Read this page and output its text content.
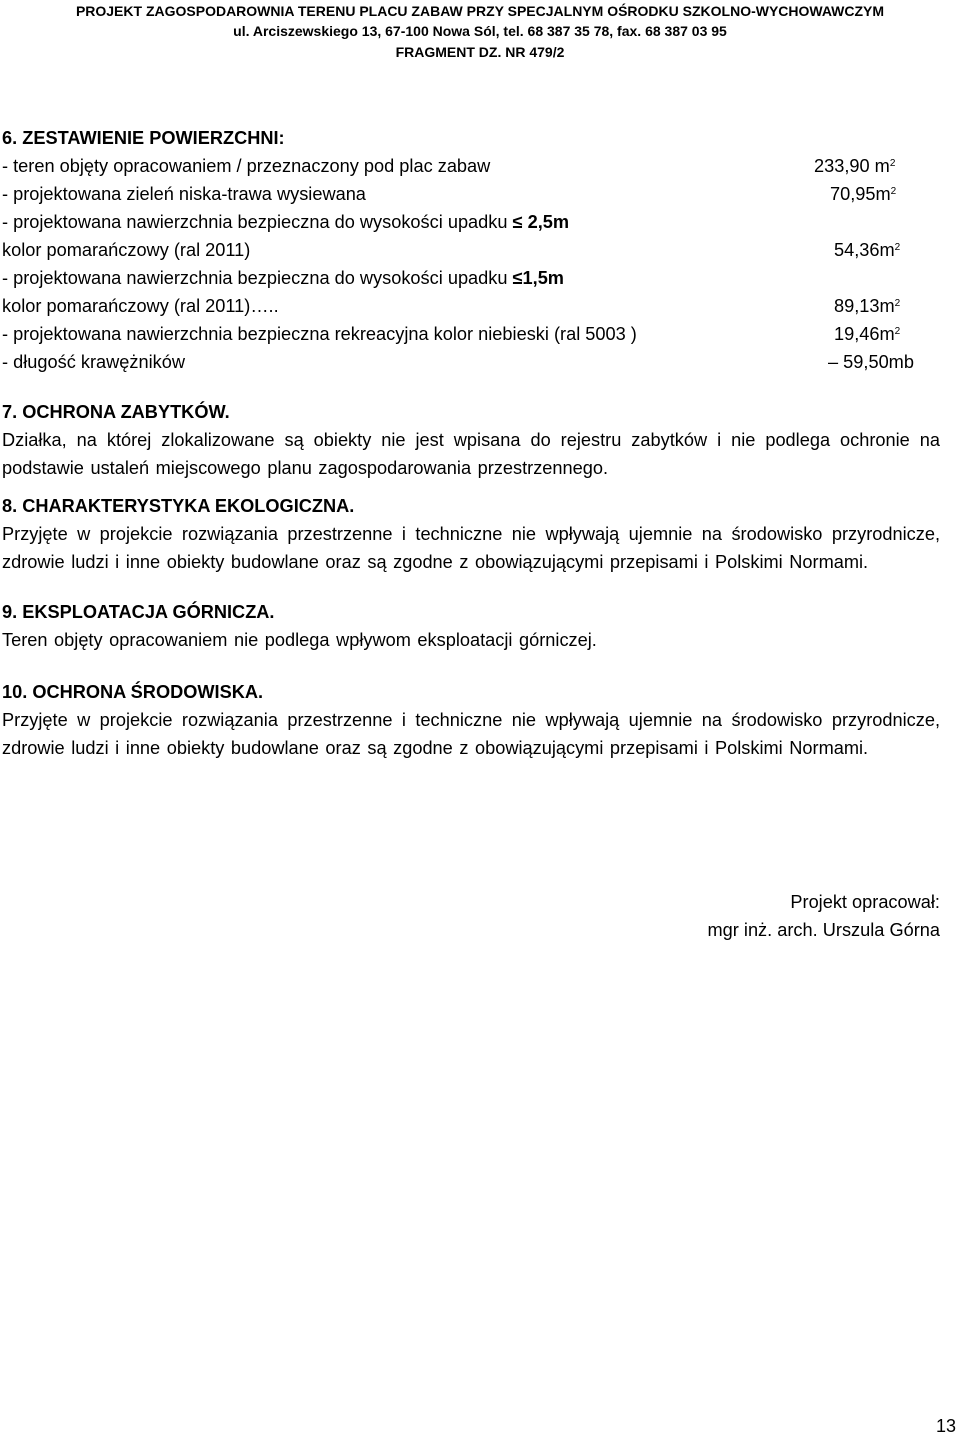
PROJEKT ZAGOSPODAROWNIA TERENU PLACU ZABAW PRZY SPECJALNYM OŚRODKU SZKOLNO-WYCHOWAWCZYM
ul. Arciszewskiego 13, 67-100 Nowa Sól, tel. 68 387 35 78, fax. 68 387 03 95
FRAGMENT DZ. NR 479/2
6. ZESTAWIENIE POWIERZCHNI:
- teren objęty opracowaniem / przeznaczony pod plac zabaw	233,90 $m^2$
- projektowana zieleń niska-trawa wysiewana	$70,95m^2$
- projektowana nawierzchnia bezpieczna do wysokości upadku ≤ 2,5m
kolor pomarańczowy (ral 2011)	$54,36m^2$
- projektowana nawierzchnia bezpieczna do wysokości upadku ≤1,5m
kolor pomarańczowy (ral 2011)…..	$89,13m^2$
- projektowana nawierzchnia bezpieczna rekreacyjna kolor niebieski (ral 5003 )	$19,46m^2$
- długość krawężników	– 59,50mb
7. OCHRONA ZABYTKÓW.
Działka, na której zlokalizowane są obiekty nie jest wpisana do rejestru zabytków i nie podlega ochronie na podstawie ustaleń miejscowego planu zagospodarowania przestrzennego.
8. CHARAKTERYSTYKA EKOLOGICZNA.
Przyjęte w projekcie rozwiązania przestrzenne i techniczne nie wpływają ujemnie na środowisko przyrodnicze, zdrowie ludzi i inne obiekty budowlane oraz są zgodne z obowiązującymi przepisami i Polskimi Normami.
9. EKSPLOATACJA GÓRNICZA.
Teren objęty opracowaniem nie podlega wpływom eksploatacji górniczej.
10. OCHRONA ŚRODOWISKA.
Przyjęte w projekcie rozwiązania przestrzenne i techniczne nie wpływają ujemnie na środowisko przyrodnicze, zdrowie ludzi i inne obiekty budowlane oraz są zgodne z obowiązującymi przepisami i Polskimi Normami.
Projekt opracował:
mgr inż. arch. Urszula Górna
13
